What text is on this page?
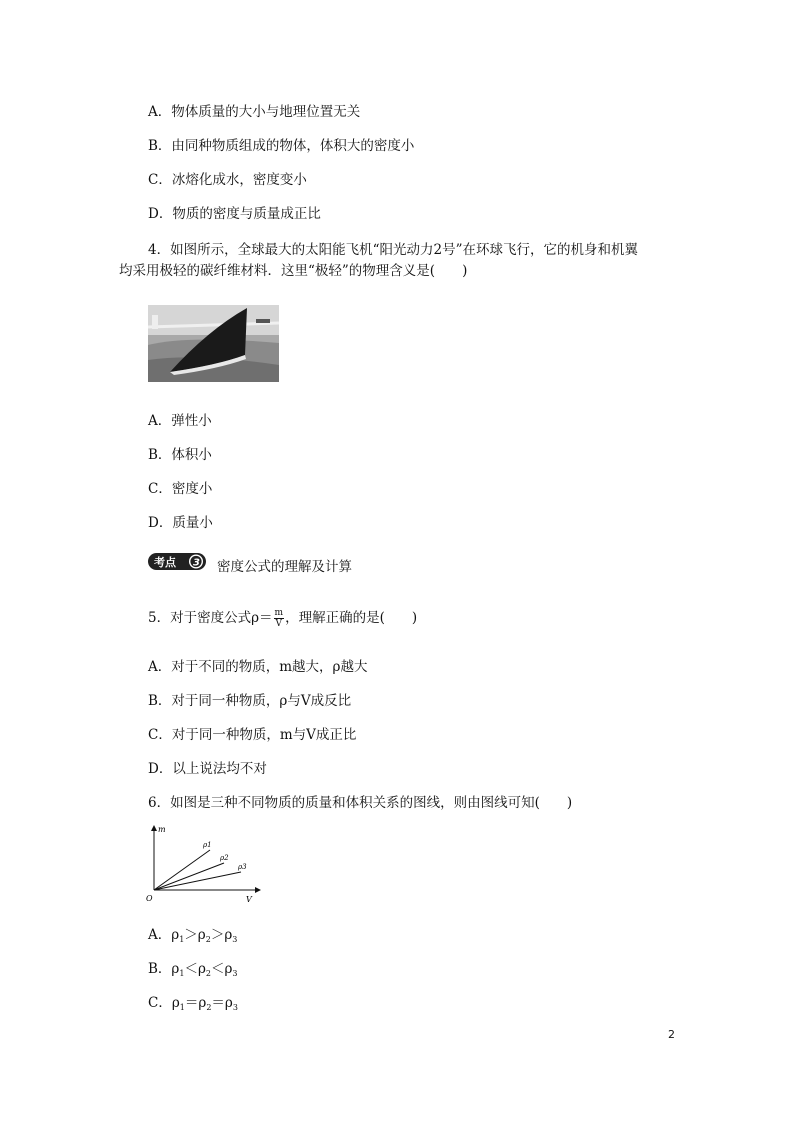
A．物体质量的大小与地理位置无关
B．由同种物质组成的物体，体积大的密度小
C．冰熔化成水，密度变小
D．物质的密度与质量成正比
4．如图所示，全球最大的太阳能飞机“阳光动力2号”在环球飞行，它的机身和机翼
均采用极轻的碳纤维材料．这里“极轻”的物理含义是(　　)
A．弹性小
B．体积小
C．密度小
D．质量小
考点 3 密度公式的理解及计算
5．对于密度公式$\rho= \frac{m}{V}$ ，理解正确的是(　　)
A．对于不同的物质，m越大，ρ越大
B．对于同一种物质，ρ与V成反比
C．对于同一种物质，m与V成正比
D．以上说法均不对
6．如图是三种不同物质的质量和体积关系的图线，则由图线可知(　　)
m
V
O
ρ1
ρ2
ρ3
A．$\rho_1>\rho_2>\rho_3$
B．$\rho_1<\rho_2<\rho_3$
C．$\rho_1=\rho_2=\rho_3$
2
